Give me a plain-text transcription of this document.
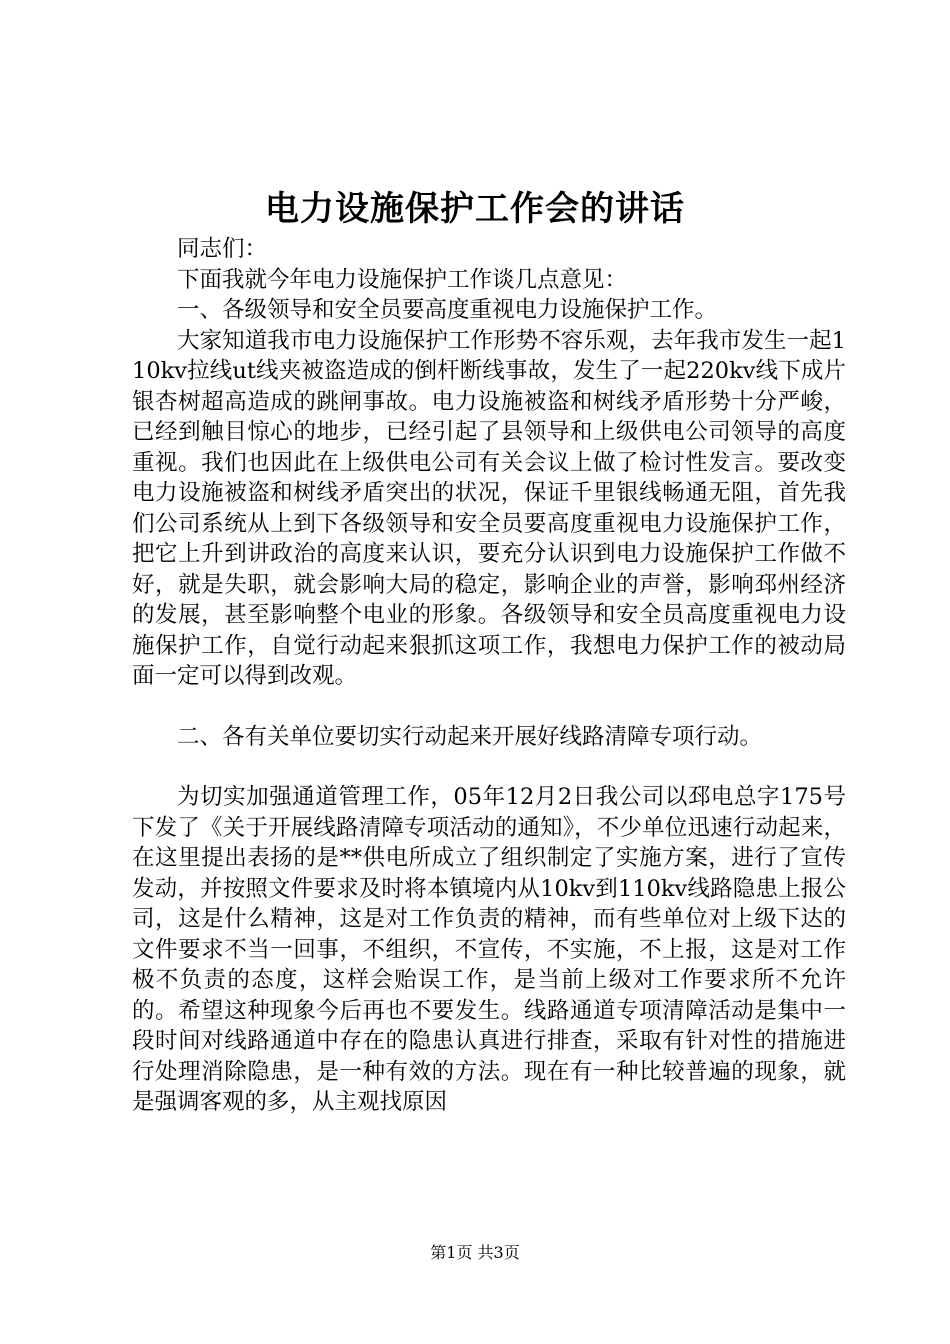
电力设施保护工作会的讲话

同志们：

下面我就今年电力设施保护工作谈几点意见：

一、各级领导和安全员要高度重视电力设施保护工作。

大家知道我市电力设施保护工作形势不容乐观，去年我市发生一起110kv拉线ut线夹被盗造成的倒杆断线事故，发生了一起220kv线下成片银杏树超高造成的跳闸事故。电力设施被盗和树线矛盾形势十分严峻，已经到触目惊心的地步，已经引起了县领导和上级供电公司领导的高度重视。我们也因此在上级供电公司有关会议上做了检讨性发言。要改变电力设施被盗和树线矛盾突出的状况，保证千里银线畅通无阻，首先我们公司系统从上到下各级领导和安全员要高度重视电力设施保护工作，把它上升到讲政治的高度来认识，要充分认识到电力设施保护工作做不好，就是失职，就会影响大局的稳定，影响企业的声誉，影响邳州经济的发展，甚至影响整个电业的形象。各级领导和安全员高度重视电力设施保护工作，自觉行动起来狠抓这项工作，我想电力保护工作的被动局面一定可以得到改观。

二、各有关单位要切实行动起来开展好线路清障专项行动。

为切实加强通道管理工作，05年12月2日我公司以邳电总字175号下发了《关于开展线路清障专项活动的通知》，不少单位迅速行动起来，在这里提出表扬的是**供电所成立了组织制定了实施方案，进行了宣传发动，并按照文件要求及时将本镇境内从10kv到110kv线路隐患上报公司，这是什么精神，这是对工作负责的精神，而有些单位对上级下达的文件要求不当一回事，不组织，不宣传，不实施，不上报，这是对工作极不负责的态度，这样会贻误工作，是当前上级对工作要求所不允许的。希望这种现象今后再也不要发生。线路通道专项清障活动是集中一段时间对线路通道中存在的隐患认真进行排查，采取有针对性的措施进行处理消除隐患，是一种有效的方法。现在有一种比较普遍的现象，就是强调客观的多，从主观找原因

第1页 共3页
